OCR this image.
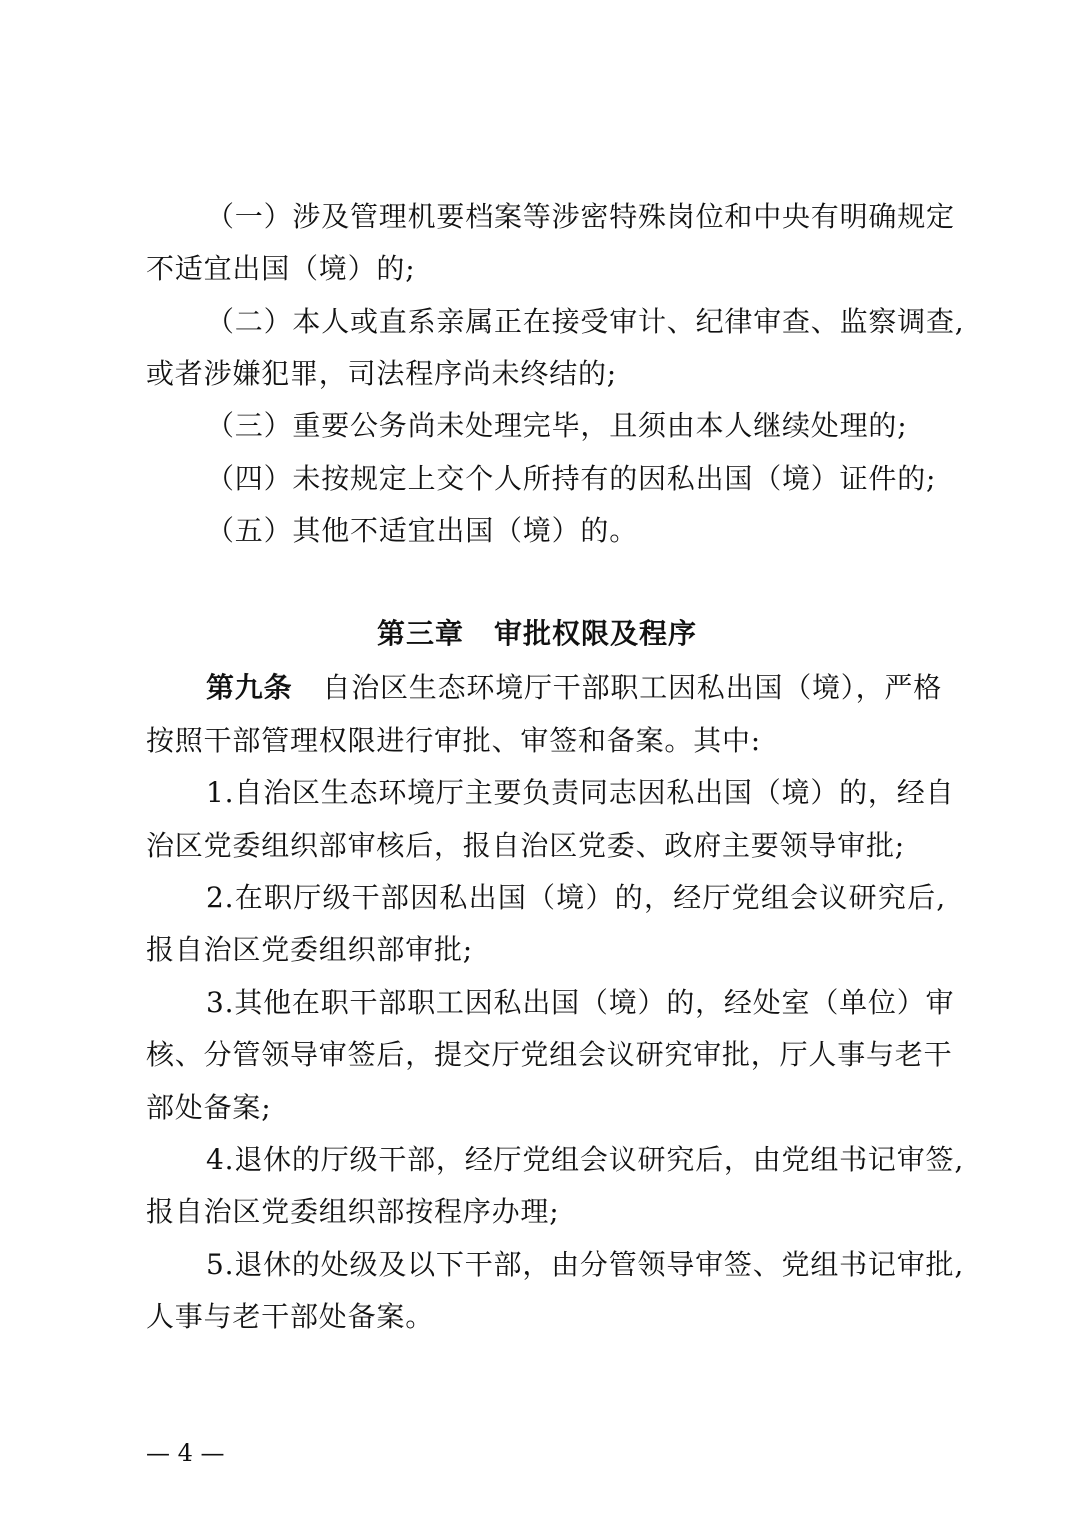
（一）涉及管理机要档案等涉密特殊岗位和中央有明确规定
不适宜出国（境）的;
（二）本人或直系亲属正在接受审计、纪律审查、监察调查,
或者涉嫌犯罪，司法程序尚未终结的;
（三）重要公务尚未处理完毕，且须由本人继续处理的;
（四）未按规定上交个人所持有的因私出国（境）证件的;
（五）其他不适宜出国（境）的。
第三章 审批权限及程序
第九条 自治区生态环境厅干部职工因私出国（境），严格
按照干部管理权限进行审批、审签和备案。其中:
1.自治区生态环境厅主要负责同志因私出国（境）的，经自
治区党委组织部审核后，报自治区党委、政府主要领导审批;
2.在职厅级干部因私出国（境）的，经厅党组会议研究后,
报自治区党委组织部审批;
3.其他在职干部职工因私出国（境）的，经处室（单位）审
核、分管领导审签后，提交厅党组会议研究审批，厅人事与老干
部处备案;
4.退休的厅级干部，经厅党组会议研究后，由党组书记审签,
报自治区党委组织部按程序办理;
5.退休的处级及以下干部，由分管领导审签、党组书记审批,
人事与老干部处备案。
— 4 —
